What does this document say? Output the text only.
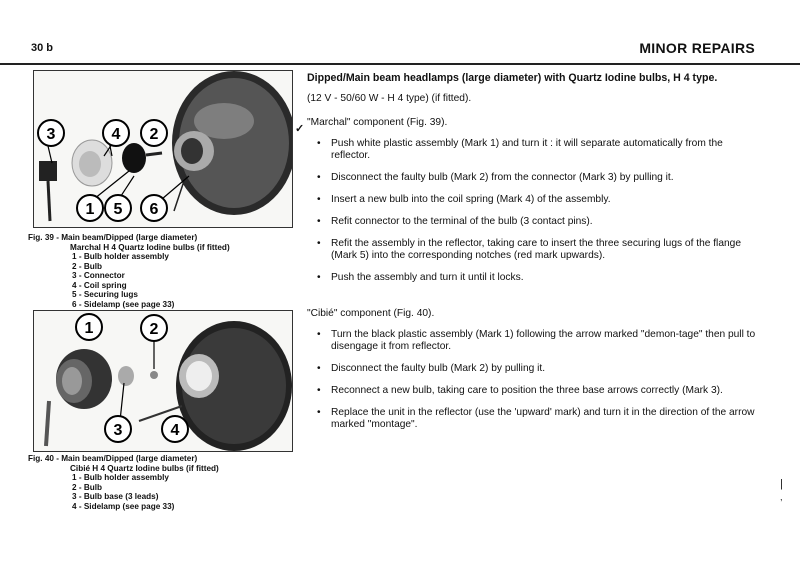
30 b	MINOR REPAIRS
3	4 2
1 5 6
Fig. 39 - Main beam/Dipped (large diameter)
Marchal H 4 Quartz Iodine bulbs (if fitted)
1 - Bulb holder assembly
2 - Bulb
3 - Connector
4 - Coil spring
5 - Securing lugs
6 - Sidelamp (see page 33)
1	2
3	4
Fig. 40 - Main beam/Dipped (large diameter)
Cibié H 4 Quartz Iodine bulbs (if fitted)
1 - Bulb holder assembly
2 - Bulb
3 - Bulb base (3 leads)
4 - Sidelamp (see page 33)
✓
Dipped/Main beam headlamps (large diameter) with Quartz Iodine bulbs, H 4 type.
(12 V - 50/60 W - H 4 type) (if fitted).
"Marchal" component (Fig. 39).
• Push white plastic assembly (Mark 1) and turn it : it will separate automatically from the reflector.
• Disconnect the faulty bulb (Mark 2) from the connector (Mark 3) by pulling it.
• Insert a new bulb into the coil spring (Mark 4) of the assembly.
• Refit connector to the terminal of the bulb (3 contact pins).
• Refit the assembly in the reflector, taking care to insert the three securing lugs of the flange (Mark 5) into the corresponding notches (red mark upwards).
• Push the assembly and turn it until it locks.
"Cibié" component (Fig. 40).
• Turn the black plastic assembly (Mark 1) following the arrow marked "demon-tage" then pull to disengage it from reflector.
• Disconnect the faulty bulb (Mark 2) by pulling it.
• Reconnect a new bulb, taking care to position the three base arrows correctly (Mark 3).
• Replace the unit in the reflector (use the 'upward' mark) and turn it in the direction of the arrow marked "montage".
|
,
